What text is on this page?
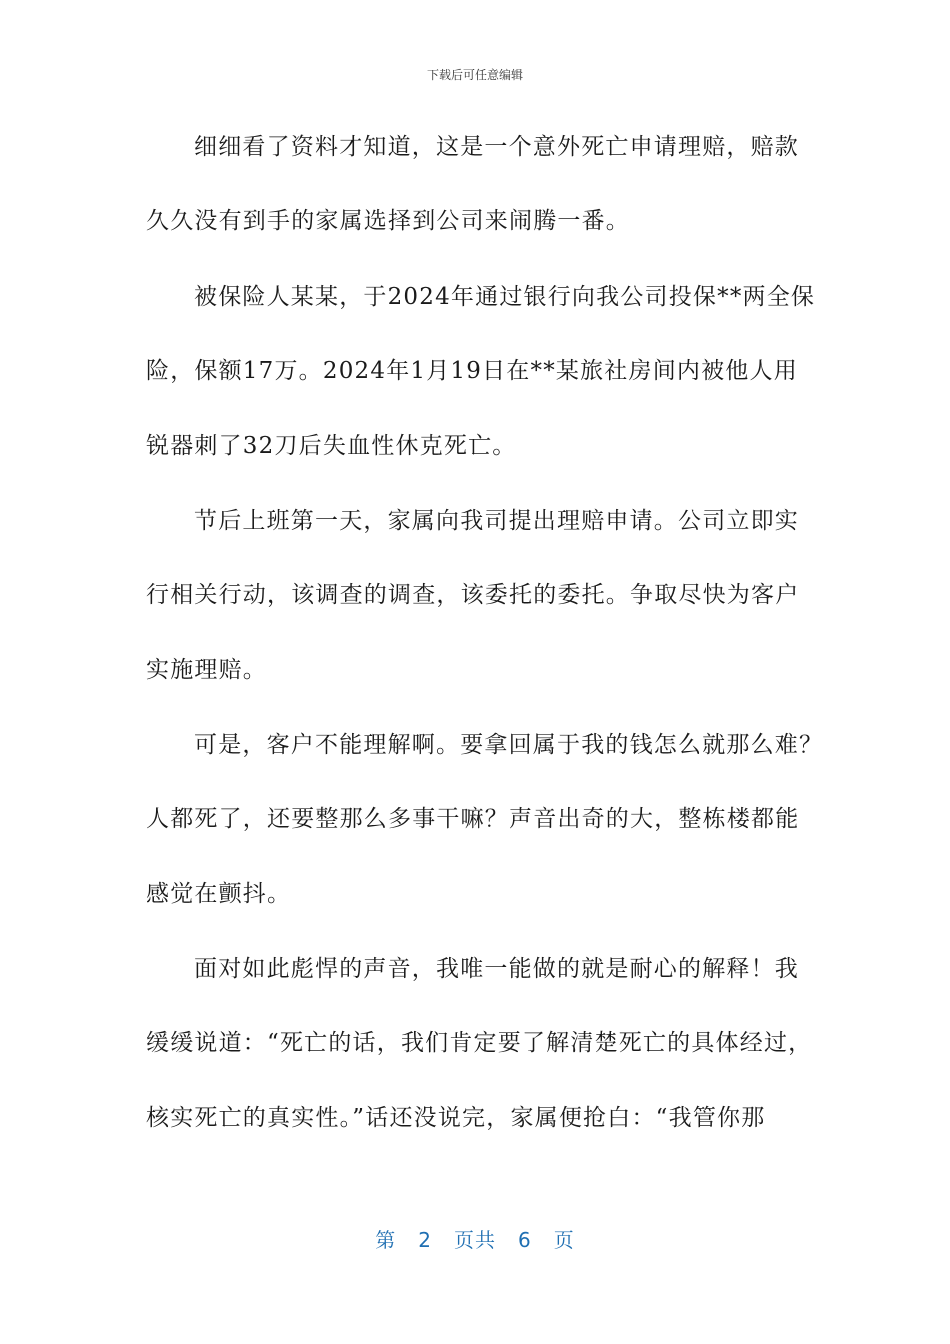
下载后可任意编辑
细细看了资料才知道，这是一个意外死亡申请理赔，赔款
久久没有到手的家属选择到公司来闹腾一番。
被保险人某某，于2024年通过银行向我公司投保**两全保
险，保额17万。2024年1月19日在**某旅社房间内被他人用
锐器刺了32刀后失血性休克死亡。
节后上班第一天，家属向我司提出理赔申请。公司立即实
行相关行动，该调查的调查，该委托的委托。争取尽快为客户
实施理赔。
可是，客户不能理解啊。要拿回属于我的钱怎么就那么难？
人都死了，还要整那么多事干嘛？声音出奇的大，整栋楼都能
感觉在颤抖。
面对如此彪悍的声音，我唯一能做的就是耐心的解释！我
缓缓说道：“死亡的话，我们肯定要了解清楚死亡的具体经过，
核实死亡的真实性。”话还没说完，家属便抢白：“我管你那
第 2 页共 6 页
